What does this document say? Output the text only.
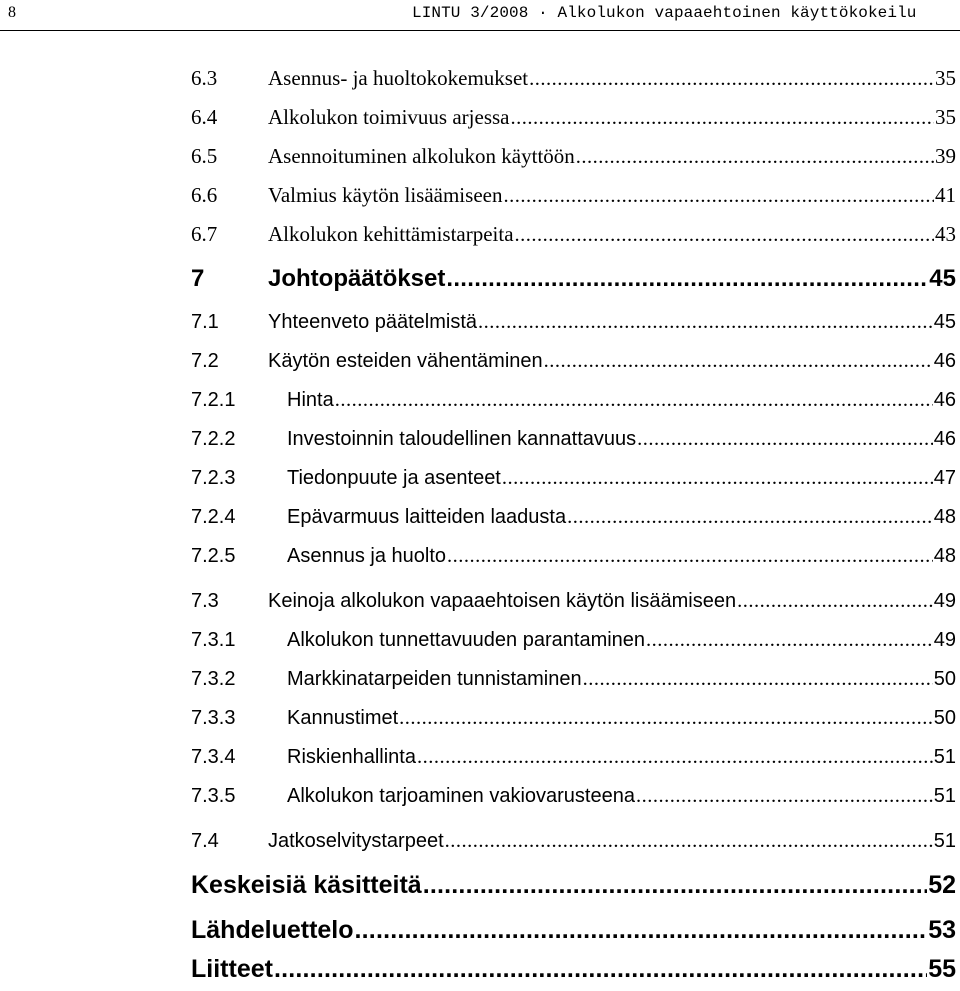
8	LINTU 3/2008 · Alkolukon vapaaehtoinen käyttökokeilu
6.3	Asennus- ja huoltokokemukset .....	35
6.4	Alkolukon toimivuus arjessa .....	35
6.5	Asennoituminen alkolukon käyttöön .....	39
6.6	Valmius käytön lisäämiseen .....	41
6.7	Alkolukon kehittämistarpeita .....	43
7	Johtopäätökset .....	45
7.1	Yhteenveto päätelmistä .....	45
7.2	Käytön esteiden vähentäminen .....	46
7.2.1	Hinta .....	46
7.2.2	Investoinnin taloudellinen kannattavuus .....	46
7.2.3	Tiedonpuute ja asenteet .....	47
7.2.4	Epävarmuus laitteiden laadusta .....	48
7.2.5	Asennus ja huolto .....	48
7.3	Keinoja alkolukon vapaaehtoisen käytön lisäämiseen .....	49
7.3.1	Alkolukon tunnettavuuden parantaminen .....	49
7.3.2	Markkinatarpeiden tunnistaminen .....	50
7.3.3	Kannustimet .....	50
7.3.4	Riskienhallinta .....	51
7.3.5	Alkolukon tarjoaminen vakiovarusteena .....	51
7.4	Jatkoselvitystarpeet .....	51
Keskeisiä käsitteitä .....	52
Lähdeluettelo .....	53
Liitteet .....	55
